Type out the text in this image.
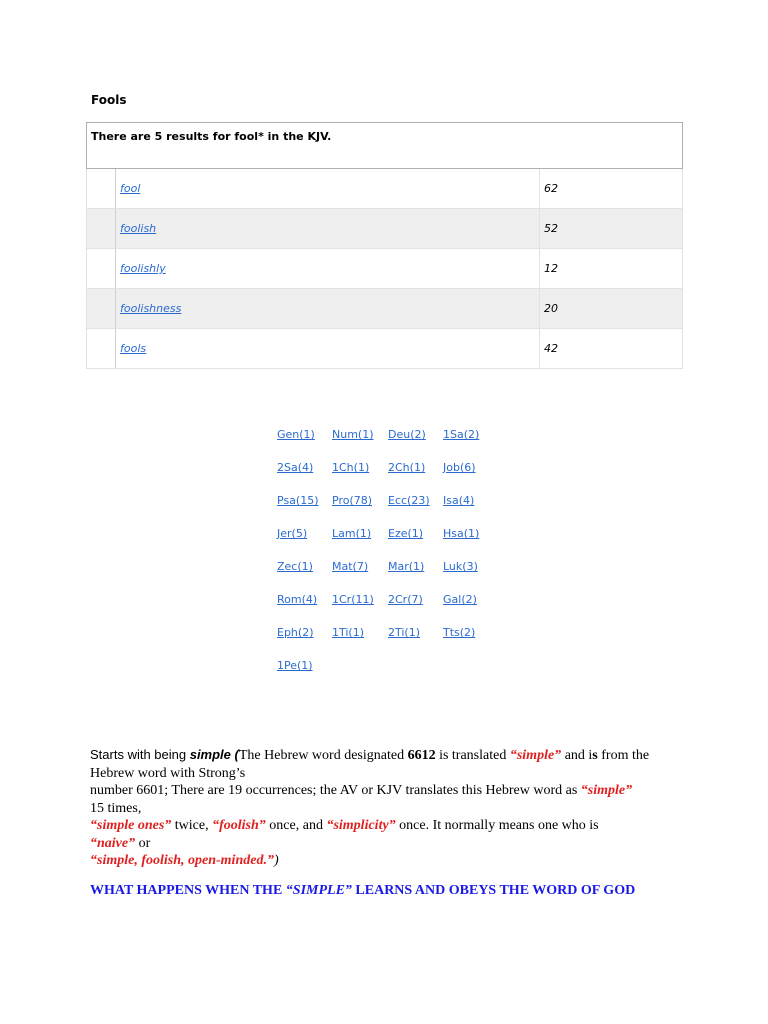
Fools
There are 5 results for fool* in the KJV.		
	fool	62
	foolish	52
	foolishly	12
	foolishness	20
	fools	42
Gen(1)	Num(1)	Deu(2)	1Sa(2)
2Sa(4)	1Ch(1)	2Ch(1)	Job(6)
Psa(15)	Pro(78)	Ecc(23)	Isa(4)
Jer(5)	Lam(1)	Eze(1)	Hsa(1)
Zec(1)	Mat(7)	Mar(1)	Luk(3)
Rom(4)	1Cr(11)	2Cr(7)	Gal(2)
Eph(2)	1Ti(1)	2Ti(1)	Tts(2)
1Pe(1)
Starts with being simple (The Hebrew word designated 6612 is translated “simple” and is from the Hebrew word with Strong’s
number 6601; There are 19 occurrences; the AV or KJV translates this Hebrew word as “simple”
15 times,
“simple ones” twice, “foolish” once, and “simplicity” once. It normally means one who is
“naive” or
“simple, foolish, open-minded.”)
WHAT HAPPENS WHEN THE “SIMPLE” LEARNS AND OBEYS THE WORD OF GOD
